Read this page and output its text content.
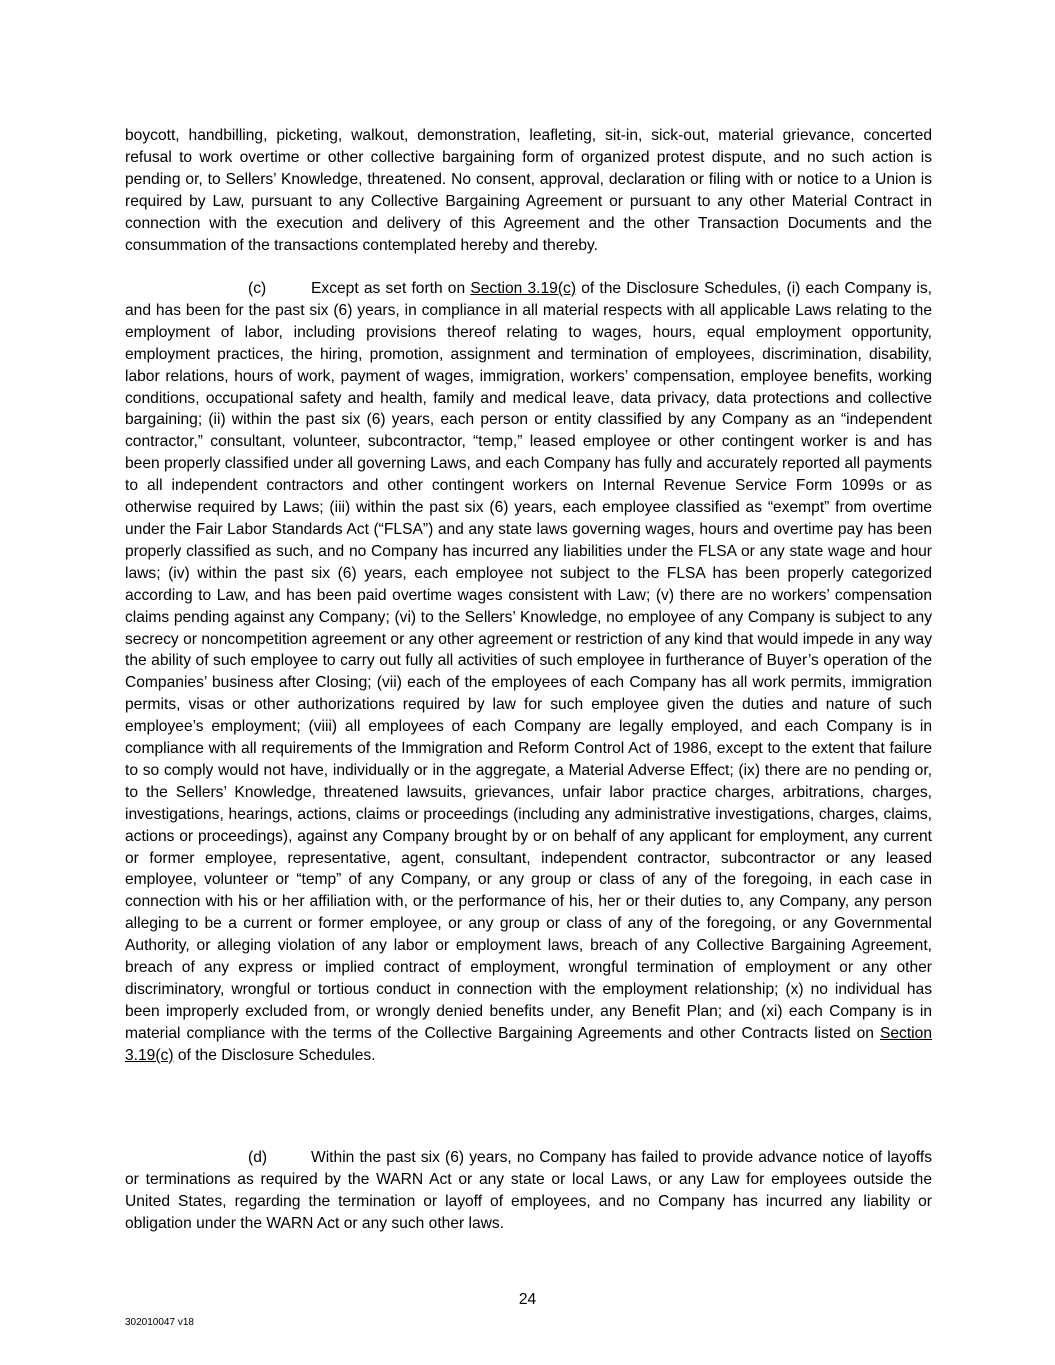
boycott, handbilling, picketing, walkout, demonstration, leafleting, sit-in, sick-out, material grievance, concerted refusal to work overtime or other collective bargaining form of organized protest dispute, and no such action is pending or, to Sellers’ Knowledge, threatened. No consent, approval, declaration or filing with or notice to a Union is required by Law, pursuant to any Collective Bargaining Agreement or pursuant to any other Material Contract in connection with the execution and delivery of this Agreement and the other Transaction Documents and the consummation of the transactions contemplated hereby and thereby.

(c)	Except as set forth on Section 3.19(c) of the Disclosure Schedules, (i) each Company is, and has been for the past six (6) years, in compliance in all material respects with all applicable Laws relating to the employment of labor, including provisions thereof relating to wages, hours, equal employment opportunity, employment practices, the hiring, promotion, assignment and termination of employees, discrimination, disability, labor relations, hours of work, payment of wages, immigration, workers’ compensation, employee benefits, working conditions, occupational safety and health, family and medical leave, data privacy, data protections and collective bargaining; (ii) within the past six (6) years, each person or entity classified by any Company as an “independent contractor,” consultant, volunteer, subcontractor, “temp,” leased employee or other contingent worker is and has been properly classified under all governing Laws, and each Company has fully and accurately reported all payments to all independent contractors and other contingent workers on Internal Revenue Service Form 1099s or as otherwise required by Laws; (iii) within the past six (6) years, each employee classified as “exempt” from overtime under the Fair Labor Standards Act (“FLSA”) and any state laws governing wages, hours and overtime pay has been properly classified as such, and no Company has incurred any liabilities under the FLSA or any state wage and hour laws; (iv) within the past six (6) years, each employee not subject to the FLSA has been properly categorized according to Law, and has been paid overtime wages consistent with Law; (v) there are no workers’ compensation claims pending against any Company; (vi) to the Sellers’ Knowledge, no employee of any Company is subject to any secrecy or noncompetition agreement or any other agreement or restriction of any kind that would impede in any way the ability of such employee to carry out fully all activities of such employee in furtherance of Buyer’s operation of the Companies’ business after Closing; (vii) each of the employees of each Company has all work permits, immigration permits, visas or other authorizations required by law for such employee given the duties and nature of such employee’s employment; (viii) all employees of each Company are legally employed, and each Company is in compliance with all requirements of the Immigration and Reform Control Act of 1986, except to the extent that failure to so comply would not have, individually or in the aggregate, a Material Adverse Effect; (ix) there are no pending or, to the Sellers’ Knowledge, threatened lawsuits, grievances, unfair labor practice charges, arbitrations, charges, investigations, hearings, actions, claims or proceedings (including any administrative investigations, charges, claims, actions or proceedings), against any Company brought by or on behalf of any applicant for employment, any current or former employee, representative, agent, consultant, independent contractor, subcontractor or any leased employee, volunteer or “temp” of any Company, or any group or class of any of the foregoing, in each case in connection with his or her affiliation with, or the performance of his, her or their duties to, any Company, any person alleging to be a current or former employee, or any group or class of any of the foregoing, or any Governmental Authority, or alleging violation of any labor or employment laws, breach of any Collective Bargaining Agreement, breach of any express or implied contract of employment, wrongful termination of employment or any other discriminatory, wrongful or tortious conduct in connection with the employment relationship; (x) no individual has been improperly excluded from, or wrongly denied benefits under, any Benefit Plan; and (xi) each Company is in material compliance with the terms of the Collective Bargaining Agreements and other Contracts listed on Section 3.19(c) of the Disclosure Schedules.

(d)	Within the past six (6) years, no Company has failed to provide advance notice of layoffs or terminations as required by the WARN Act or any state or local Laws, or any Law for employees outside the United States, regarding the termination or layoff of employees, and no Company has incurred any liability or obligation under the WARN Act or any such other laws.

24
302010047 v18
